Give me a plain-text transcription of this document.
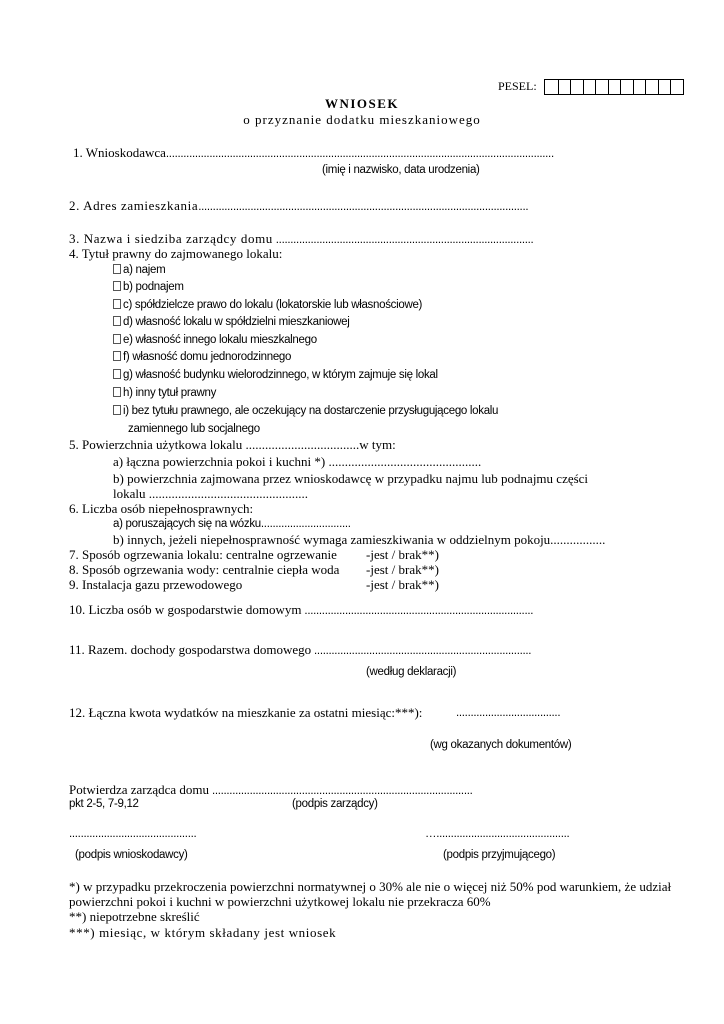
PESEL:
WNIOSEK
o przyznanie dodatku mieszkaniowego
1. Wnioskodawca......................................................................................................................................
(imię i nazwisko, data urodzenia)
2. Adres zamieszkania..................................................................................................................
3. Nazwa i siedziba zarządcy domu .........................................................................................
4. Tytuł prawny do zajmowanego lokalu:
a) najem
b) podnajem
c) spółdzielcze prawo do lokalu (lokatorskie lub własnościowe)
d) własność lokalu w spółdzielni mieszkaniowej
e) własność innego lokalu mieszkalnego
f) własność domu jednorodzinnego
g) własność budynku wielorodzinnego, w którym zajmuje się lokal
h) inny tytuł prawny
i) bez tytułu prawnego, ale oczekujący na dostarczenie przysługującego lokalu
zamiennego lub socjalnego
5. Powierzchnia użytkowa lokalu ...................................w tym:
a) łączna powierzchnia pokoi i kuchni *) ...............................................
b) powierzchnia zajmowana przez wnioskodawcę w przypadku najmu lub podnajmu części
lokalu .................................................
6. Liczba osób niepełnosprawnych:
a) poruszających się na wózku...............................
b) innych, jeżeli niepełnosprawność wymaga zamieszkiwania w oddzielnym pokoju.................
7. Sposób ogrzewania lokalu: centralne ogrzewanie -jest / brak**)
8. Sposób ogrzewania wody: centralnie ciepła woda -jest / brak**)
9. Instalacja gazu przewodowego	-jest / brak**)
10. Liczba osób w gospodarstwie domowym ...............................................................................
11. Razem. dochody gospodarstwa domowego ...........................................................................
(według deklaracji)
12. Łączna kwota wydatków na mieszkanie za ostatni miesiąc:***):	....................................
(wg okazanych dokumentów)
Potwierdza zarządca domu ..........................................................................................
pkt 2-5, 7-9,12	(podpis zarządcy)
............................................
(podpis wnioskodawcy)
…..............................................
(podpis przyjmującego)
*) w przypadku przekroczenia powierzchni normatywnej o 30% ale nie o więcej niż 50% pod warunkiem, że udział
powierzchni pokoi i kuchni w powierzchni użytkowej lokalu nie przekracza 60%
**) niepotrzebne skreślić
***) miesiąc, w którym składany jest wniosek
